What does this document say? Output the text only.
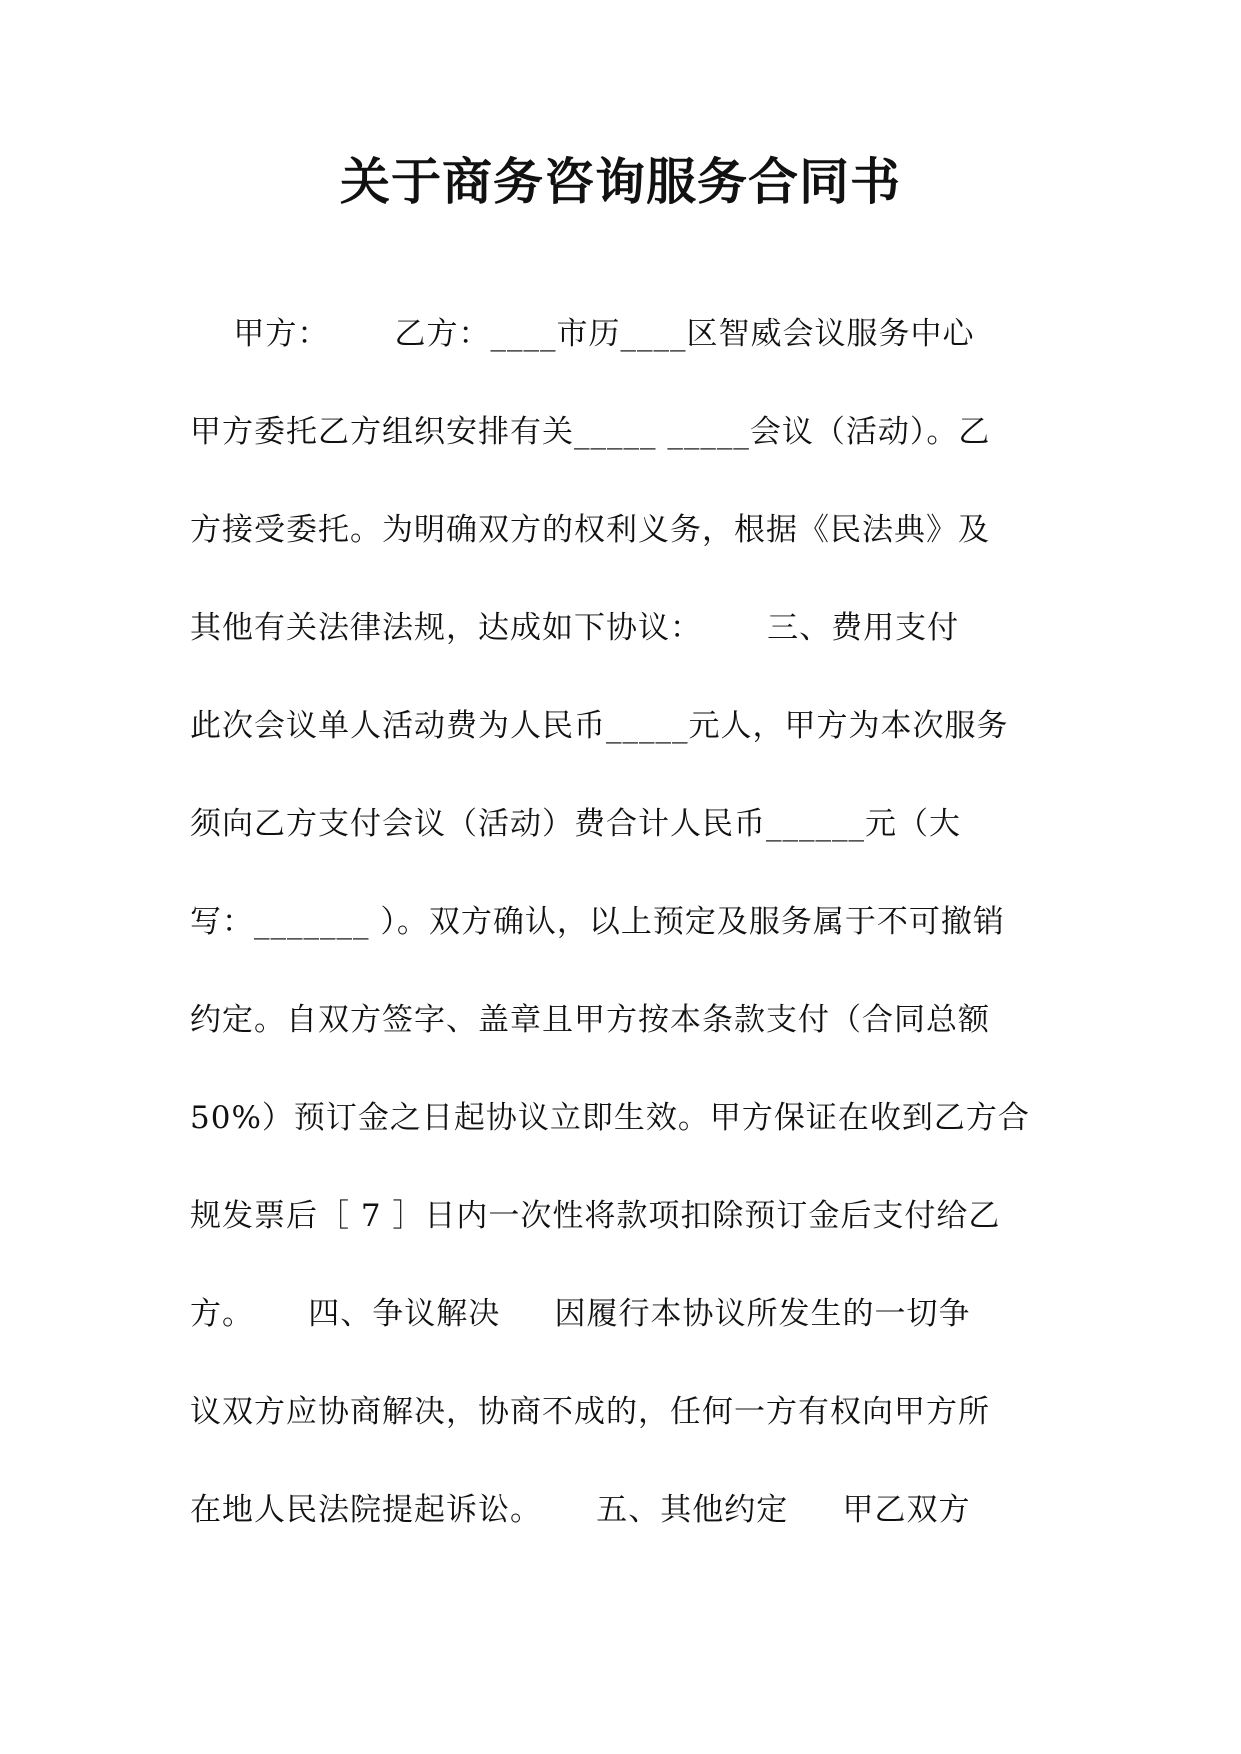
关于商务咨询服务合同书
甲方：      乙方：____市历____区智威会议服务中心
甲方委托乙方组织安排有关_____ _____会议（活动）。乙
方接受委托。为明确双方的权利义务，根据《民法典》及
其他有关法律法规，达成如下协议：      三、费用支付
此次会议单人活动费为人民币_____元人，甲方为本次服务
须向乙方支付会议（活动）费合计人民币______元（大
写：_______ ）。双方确认，以上预定及服务属于不可撤销
约定。自双方签字、盖章且甲方按本条款支付（合同总额
50%）预订金之日起协议立即生效。甲方保证在收到乙方合
规发票后［ 7 ］日内一次性将款项扣除预订金后支付给乙
方。     四、争议解决     因履行本协议所发生的一切争
议双方应协商解决，协商不成的，任何一方有权向甲方所
在地人民法院提起诉讼。     五、其他约定     甲乙双方
